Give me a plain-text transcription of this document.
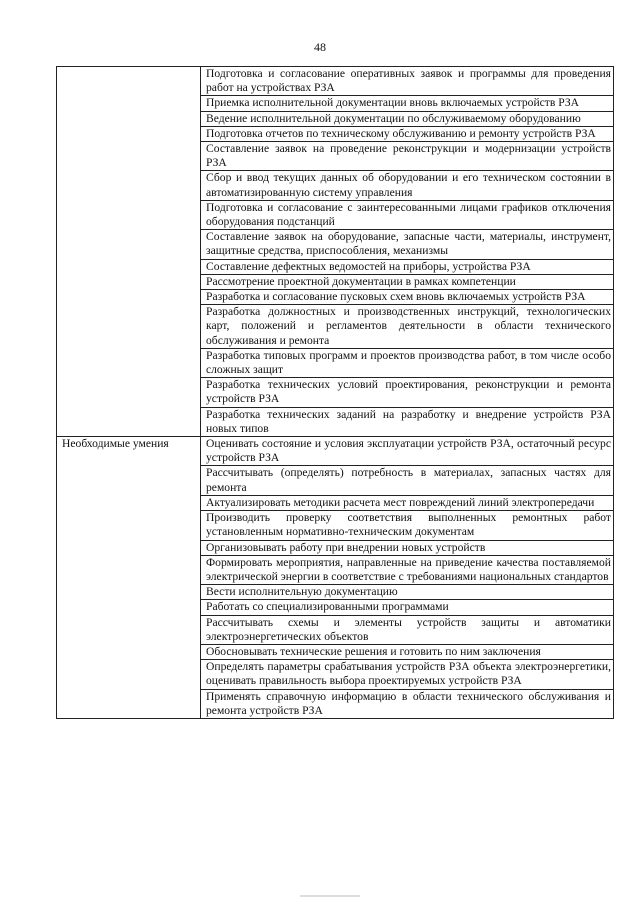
48
	Подготовка и согласование оперативных заявок и программы для проведения работ на устройствах РЗА
	Приемка исполнительной документации вновь включаемых устройств РЗА
	Ведение исполнительной документации по обслуживаемому оборудованию
	Подготовка отчетов по техническому обслуживанию и ремонту устройств РЗА
	Составление заявок на проведение реконструкции и модернизации устройств РЗА
	Сбор и ввод текущих данных об оборудовании и его техническом состоянии в автоматизированную систему управления
	Подготовка и согласование с заинтересованными лицами графиков отключения оборудования подстанций
	Составление заявок на оборудование, запасные части, материалы, инструмент, защитные средства, приспособления, механизмы
	Составление дефектных ведомостей на приборы, устройства РЗА
	Рассмотрение проектной документации в рамках компетенции
	Разработка и согласование пусковых схем вновь включаемых устройств РЗА
	Разработка должностных и производственных инструкций, технологических карт, положений и регламентов деятельности в области технического обслуживания и ремонта
	Разработка типовых программ и проектов производства работ, в том числе особо сложных защит
	Разработка технических условий проектирования, реконструкции и ремонта устройств РЗА
	Разработка технических заданий на разработку и внедрение устройств РЗА новых типов
Необходимые умения	Оценивать состояние и условия эксплуатации устройств РЗА, остаточный ресурс устройств РЗА
	Рассчитывать (определять) потребность в материалах, запасных частях для ремонта
	Актуализировать методики расчета мест повреждений линий электропередачи
	Производить проверку соответствия выполненных ремонтных работ установленным нормативно-техническим документам
	Организовывать работу при внедрении новых устройств
	Формировать мероприятия, направленные на приведение качества поставляемой электрической энергии в соответствие с требованиями национальных стандартов
	Вести исполнительную документацию
	Работать со специализированными программами
	Рассчитывать схемы и элементы устройств защиты и автоматики электроэнергетических объектов
	Обосновывать технические решения и готовить по ним заключения
	Определять параметры срабатывания устройств РЗА объекта электроэнергетики, оценивать правильность выбора проектируемых устройств РЗА
	Применять справочную информацию в области технического обслуживания и ремонта устройств РЗА
